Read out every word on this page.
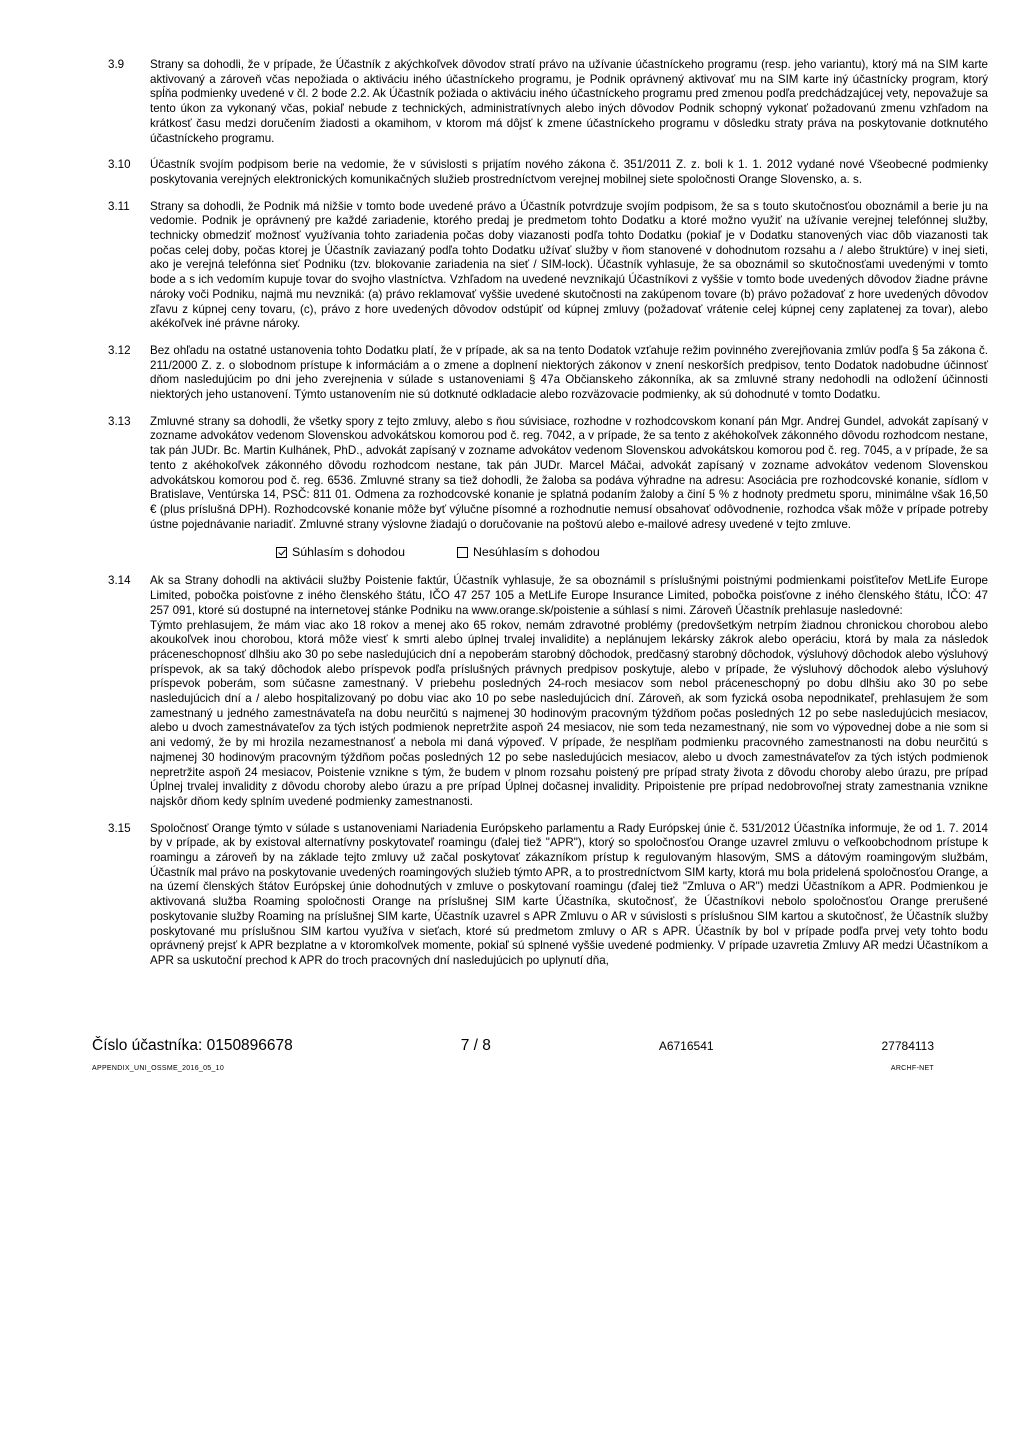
3.9	Strany sa dohodli, že v prípade, že Účastník z akýchkoľvek dôvodov stratí právo na užívanie účastníckeho programu (resp. jeho variantu), ktorý má na SIM karte aktivovaný a zároveň včas nepožiada o aktiváciu iného účastníckeho programu, je Podnik oprávnený aktivovať mu na SIM karte iný účastnícky program, ktorý spĺňa podmienky uvedené v čl. 2 bode 2.2. Ak Účastník požiada o aktiváciu iného účastníckeho programu pred zmenou podľa predchádzajúcej vety, nepovažuje sa tento úkon za vykonaný včas, pokiaľ nebude z technických, administratívnych alebo iných dôvodov Podnik schopný vykonať požadovanú zmenu vzhľadom na krátkosť času medzi doručením žiadosti a okamihom, v ktorom má dôjsť k zmene účastníckeho programu v dôsledku straty práva na poskytovanie dotknutého účastníckeho programu.

3.10	Účastník svojím podpisom berie na vedomie, že v súvislosti s prijatím nového zákona č. 351/2011 Z. z. boli k 1. 1. 2012 vydané nové Všeobecné podmienky poskytovania verejných elektronických komunikačných služieb prostredníctvom verejnej mobilnej siete spoločnosti Orange Slovensko, a. s.

3.11	Strany sa dohodli, že Podnik má nižšie v tomto bode uvedené právo a Účastník potvrdzuje svojím podpisom, že sa s touto skutočnosťou oboznámil a berie ju na vedomie. Podnik je oprávnený pre každé zariadenie, ktorého predaj je predmetom tohto Dodatku a ktoré možno využiť na užívanie verejnej telefónnej služby, technicky obmedziť možnosť využívania tohto zariadenia počas doby viazanosti podľa tohto Dodatku (pokiaľ je v Dodatku stanovených viac dôb viazanosti tak počas celej doby, počas ktorej je Účastník zaviazaný podľa tohto Dodatku užívať služby v ňom stanovené v dohodnutom rozsahu a / alebo štruktúre) v inej sieti, ako je verejná telefónna sieť Podniku (tzv. blokovanie zariadenia na sieť / SIM-lock). Účastník vyhlasuje, že sa oboznámil so skutočnosťami uvedenými v tomto bode a s ich vedomím kupuje tovar do svojho vlastníctva. Vzhľadom na uvedené nevznikajú Účastníkovi z vyššie v tomto bode uvedených dôvodov žiadne právne nároky voči Podniku, najmä mu nevzniká: (a) právo reklamovať vyššie uvedené skutočnosti na zakúpenom tovare (b) právo požadovať z hore uvedených dôvodov zľavu z kúpnej ceny tovaru, (c), právo z hore uvedených dôvodov odstúpiť od kúpnej zmluvy (požadovať vrátenie celej kúpnej ceny zaplatenej za tovar), alebo akékoľvek iné právne nároky.

3.12	Bez ohľadu na ostatné ustanovenia tohto Dodatku platí, že v prípade, ak sa na tento Dodatok vzťahuje režim povinného zverejňovania zmlúv podľa § 5a zákona č. 211/2000 Z. z. o slobodnom prístupe k informáciám a o zmene a doplnení niektorých zákonov v znení neskorších predpisov, tento Dodatok nadobudne účinnosť dňom nasledujúcim po dni jeho zverejnenia v súlade s ustanoveniami § 47a Občianskeho zákonníka, ak sa zmluvné strany nedohodli na odložení účinnosti niektorých jeho ustanovení. Týmto ustanovením nie sú dotknuté odkladacie alebo rozväzovacie podmienky, ak sú dohodnuté v tomto Dodatku.

3.13	Zmluvné strany sa dohodli, že všetky spory z tejto zmluvy, alebo s ňou súvisiace, rozhodne v rozhodcovskom konaní pán Mgr. Andrej Gundel, advokát zapísaný v zozname advokátov vedenom Slovenskou advokátskou komorou pod č. reg. 7042, a v prípade, že sa tento z akéhokoľvek zákonného dôvodu rozhodcom nestane, tak pán JUDr. Bc. Martin Kulhánek, PhD., advokát zapísaný v zozname advokátov vedenom Slovenskou advokátskou komorou pod č. reg. 7045, a v prípade, že sa tento z akéhokoľvek zákonného dôvodu rozhodcom nestane, tak pán JUDr. Marcel Máčai, advokát zapísaný v zozname advokátov vedenom Slovenskou advokátskou komorou pod č. reg. 6536. Zmluvné strany sa tiež dohodli, že žaloba sa podáva výhradne na adresu: Asociácia pre rozhodcovské konanie, sídlom v Bratislave, Ventúrska 14, PSČ: 811 01. Odmena za rozhodcovské konanie je splatná podaním žaloby a činí 5 % z hodnoty predmetu sporu, minimálne však 16,50 € (plus príslušná DPH). Rozhodcovské konanie môže byť výlučne písomné a rozhodnutie nemusí obsahovať odôvodnenie, rozhodca však môže v prípade potreby ústne pojednávanie nariadiť. Zmluvné strany výslovne žiadajú o doručovanie na poštovú alebo e-mailové adresy uvedené v tejto zmluve.

Súhlasím s dohodou	Nesúhlasím s dohodou
3.14	Ak sa Strany dohodli na aktivácii služby Poistenie faktúr, Účastník vyhlasuje, že sa oboznámil s príslušnými poistnými podmienkami poisťiteľov MetLife Europe Limited, pobočka poisťovne z iného členského štátu, IČO 47 257 105 a MetLife Europe Insurance Limited, pobočka poisťovne z iného členského štátu, IČO: 47 257 091, ktoré sú dostupné na internetovej stánke Podniku na www.orange.sk/poistenie a súhlasí s nimi. Zároveň Účastník prehlasuje nasledovné:

Týmto prehlasujem, že mám viac ako 18 rokov a menej ako 65 rokov, nemám zdravotné problémy (predovšetkým netrpím žiadnou chronickou chorobou alebo akoukoľvek inou chorobou, ktorá môže viesť k smrti alebo úplnej trvalej invalidite) a neplánujem lekársky zákrok alebo operáciu, ktorá by mala za následok práceneschopnosť dlhšiu ako 30 po sebe nasledujúcich dní a nepoberám starobný dôchodok, predčasný starobný dôchodok, výsluhový dôchodok alebo výsluhový príspevok, ak sa taký dôchodok alebo príspevok podľa príslušných právnych predpisov poskytuje, alebo v prípade, že výsluhový dôchodok alebo výsluhový príspevok poberám, som súčasne zamestnaný. V priebehu posledných 24-roch mesiacov som nebol práceneschopný po dobu dlhšiu ako 30 po sebe nasledujúcich dní a / alebo hospitalizovaný po dobu viac ako 10 po sebe nasledujúcich dní. Zároveň, ak som fyzická osoba nepodnikateľ, prehlasujem že som zamestnaný u jedného zamestnávateľa na dobu neurčitú s najmenej 30 hodinovým pracovným týždňom počas posledných 12 po sebe nasledujúcich mesiacov, alebo u dvoch zamestnávateľov za tých istých podmienok nepretržite aspoň 24 mesiacov, nie som teda nezamestnaný, nie som vo výpovednej dobe a nie som si ani vedomý, že by mi hrozila nezamestnanosť a nebola mi daná výpoveď. V prípade, že nesplňam podmienku pracovného zamestnanosti na dobu neurčitú s najmenej 30 hodinovým pracovným týždňom počas posledných 12 po sebe nasledujúcich mesiacov, alebo u dvoch zamestnávateľov za tých istých podmienok nepretržite aspoň 24 mesiacov, Poistenie vznikne s tým, že budem v plnom rozsahu poistený pre prípad straty života z dôvodu choroby alebo úrazu, pre prípad Úplnej trvalej invalidity z dôvodu choroby alebo úrazu a pre prípad Úplnej dočasnej invalidity. Pripoistenie pre prípad nedobrovoľnej straty zamestnania vznikne najskôr dňom kedy splním uvedené podmienky zamestnanosti.

3.15	Spoločnosť Orange týmto v súlade s ustanoveniami Nariadenia Európskeho parlamentu a Rady Európskej únie č. 531/2012 Účastníka informuje, že od 1. 7. 2014 by v prípade, ak by existoval alternatívny poskytovateľ roamingu (ďalej tiež "APR"), ktorý so spoločnosťou Orange uzavrel zmluvu o veľkoobchodnom prístupe k roamingu a zároveň by na základe tejto zmluvy už začal poskytovať zákazníkom prístup k regulovaným hlasovým, SMS a dátovým roamingovým službám, Účastník mal právo na poskytovanie uvedených roamingových služieb týmto APR, a to prostredníctvom SIM karty, ktorá mu bola pridelená spoločnosťou Orange, a na území členských štátov Európskej únie dohodnutých v zmluve o poskytovaní roamingu (ďalej tiež "Zmluva o AR") medzi Účastníkom a APR. Podmienkou je aktivovaná služba Roaming spoločnosti Orange na príslušnej SIM karte Účastníka, skutočnosť, že Účastníkovi nebolo spoločnosťou Orange prerušené poskytovanie služby Roaming na príslušnej SIM karte, Účastník uzavrel s APR Zmluvu o AR v súvislosti s príslušnou SIM kartou a skutočnosť, že Účastník služby poskytované mu príslušnou SIM kartou využíva v sieťach, ktoré sú predmetom zmluvy o AR s APR. Účastník by bol v prípade podľa prvej vety tohto bodu oprávnený prejsť k APR bezplatne a v ktoromkoľvek momente, pokiaľ sú splnené vyššie uvedené podmienky. V prípade uzavretia Zmluvy AR medzi Účastníkom a APR sa uskutoční prechod k APR do troch pracovných dní nasledujúcich po uplynutí dňa,

Číslo účastníka: 0150896678	7 / 8	A6716541	27784113
APPENDIX_UNI_OSSME_2016_05_10	ARCHF-NET
